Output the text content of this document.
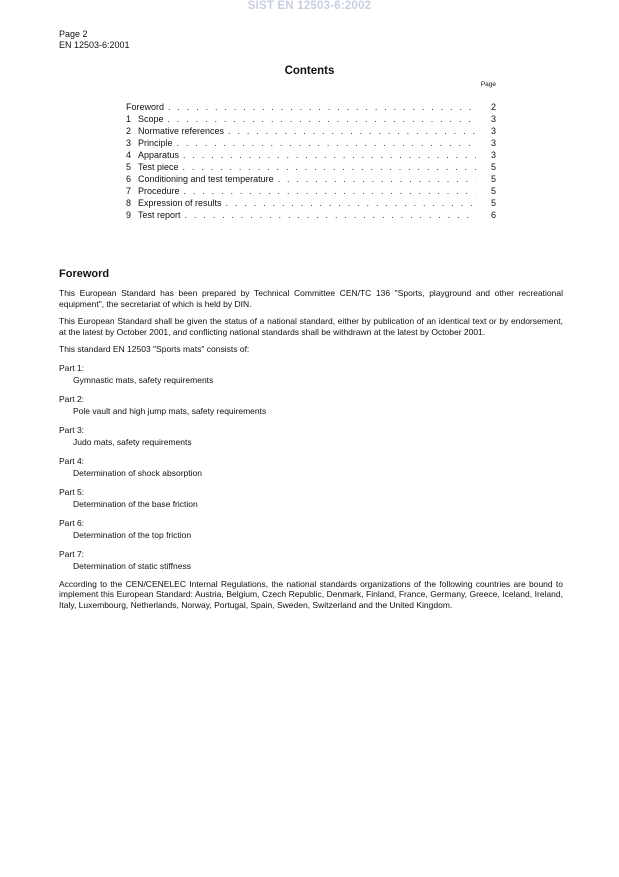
SIST EN 12503-6:2002
Page 2
EN 12503-6:2001
Contents
Page
Foreword . . .	2
1 Scope . . .	3
2 Normative references . . .	3
3 Principle . . .	3
4 Apparatus . . .	3
5 Test piece . . .	5
6 Conditioning and test temperature . . .	5
7 Procedure . . .	5
8 Expression of results . . .	5
9 Test report . . .	6
Foreword

This European Standard has been prepared by Technical Committee CEN/TC 136 "Sports, playground and other recreational equipment", the secretariat of which is held by DIN.

This European Standard shall be given the status of a national standard, either by publication of an identical text or by endorsement, at the latest by October 2001, and conflicting national standards shall be withdrawn at the latest by October 2001.

This standard EN 12503 "Sports mats" consists of:

Part 1:
Gymnastic mats, safety requirements
Part 2:
Pole vault and high jump mats, safety requirements
Part 3:
Judo mats, safety requirements
Part 4:
Determination of shock absorption
Part 5:
Determination of the base friction
Part 6:
Determination of the top friction
Part 7:
Determination of static stiffness

According to the CEN/CENELEC Internal Regulations, the national standards organizations of the following countries are bound to implement this European Standard: Austria, Belgium, Czech Republic, Denmark, Finland, France, Germany, Greece, Iceland, Ireland, Italy, Luxembourg, Netherlands, Norway, Portugal, Spain, Sweden, Switzerland and the United Kingdom.
